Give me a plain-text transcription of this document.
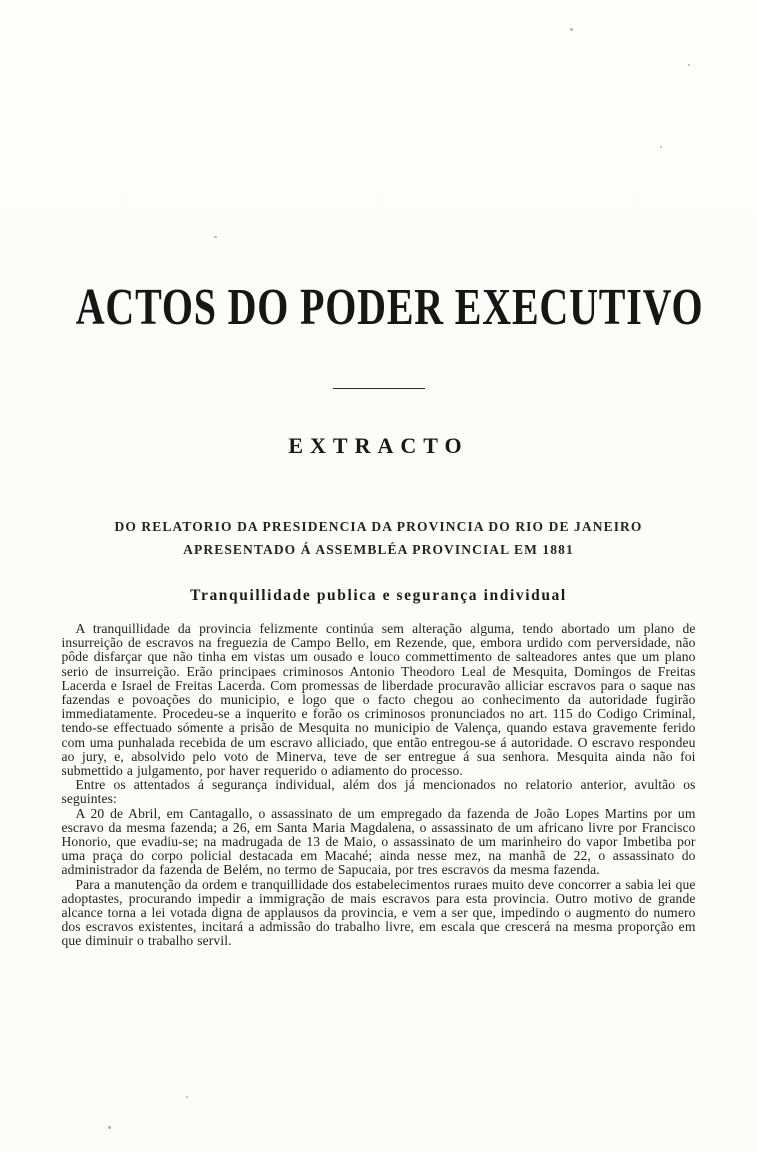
ACTOS DO PODER EXECUTIVO
EXTRACTO
DO RELATORIO DA PRESIDENCIA DA PROVINCIA DO RIO DE JANEIRO
APRESENTADO Á ASSEMBLÉA PROVINCIAL EM 1881
Tranquillidade publica e segurança individual

A tranquillidade da provincia felizmente continúa sem alteração alguma, tendo abortado um plano de insurreição de escravos na freguezia de Campo Bello, em Rezende, que, embora urdido com perversidade, não pôde disfarçar que não tinha em vistas um ousado e louco commettimento de salteadores antes que um plano serio de insurreição. Erão principaes criminosos Antonio Theodoro Leal de Mesquita, Domingos de Freitas Lacerda e Israel de Freitas Lacerda. Com promessas de liberdade procuravão alliciar escravos para o saque nas fazendas e povoações do municipio, e logo que o facto chegou ao conhecimento da autoridade fugirão immediatamente. Procedeu-se a inquerito e forão os criminosos pronunciados no art. 115 do Codigo Criminal, tendo-se effectuado sómente a prisão de Mesquita no municipio de Valença, quando estava gravemente ferido com uma punhalada recebida de um escravo alliciado, que então entregou-se á autoridade. O escravo respondeu ao jury, e, absolvido pelo voto de Minerva, teve de ser entregue á sua senhora. Mesquita ainda não foi submettido a julgamento, por haver requerido o adiamento do processo.

Entre os attentados á segurança individual, além dos já mencionados no relatorio anterior, avultão os seguintes:

A 20 de Abril, em Cantagallo, o assassinato de um empregado da fazenda de João Lopes Martins por um escravo da mesma fazenda; a 26, em Santa Maria Magdalena, o assassinato de um africano livre por Francisco Honorio, que evadiu-se; na madrugada de 13 de Maio, o assassinato de um marinheiro do vapor Imbetiba por uma praça do corpo policial destacada em Macahé; ainda nesse mez, na manhã de 22, o assassinato do administrador da fazenda de Belém, no termo de Sapucaia, por tres escravos da mesma fazenda.

Para a manutenção da ordem e tranquillidade dos estabelecimentos ruraes muito deve concorrer a sabia lei que adoptastes, procurando impedir a immigração de mais escravos para esta provincia. Outro motivo de grande alcance torna a lei votada digna de applausos da provincia, e vem a ser que, impedindo o augmento do numero dos escravos existentes, incitará a admissão do trabalho livre, em escala que crescerá na mesma proporção em que diminuir o trabalho servil.
